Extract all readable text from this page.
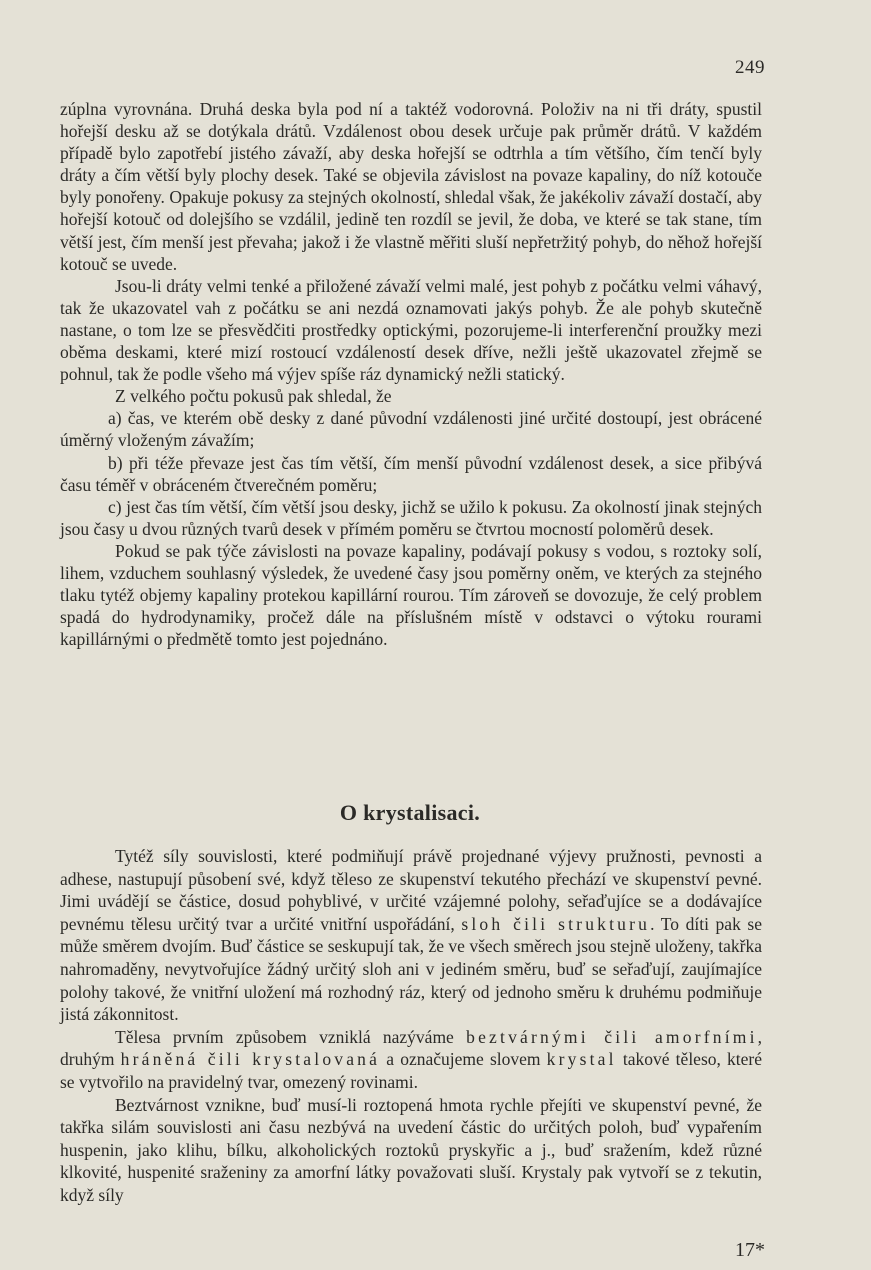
249

zúplna vyrovnána. Druhá deska byla pod ní a taktéž vodorovná. Položiv na ni tři dráty, spustil hořejší desku až se dotýkala drátů. Vzdálenost obou desek určuje pak průměr drátů. V každém případě bylo zapotřebí jistého závaží, aby deska hořejší se odtrhla a tím většího, čím tenčí byly dráty a čím větší byly plochy desek. Také se objevila závislost na povaze kapaliny, do níž kotouče byly ponořeny. Opakuje pokusy za stejných okolností, shledal však, že jakékoliv závaží dostačí, aby hořejší kotouč od dolejšího se vzdálil, jedině ten rozdíl se jevil, že doba, ve které se tak stane, tím větší jest, čím menší jest převaha; jakož i že vlastně měřiti sluší nepřetržitý pohyb, do něhož hořejší kotouč se uvede.

Jsou-li dráty velmi tenké a přiložené závaží velmi malé, jest pohyb z počátku velmi váhavý, tak že ukazovatel vah z počátku se ani nezdá oznamovati jakýs pohyb. Že ale pohyb skutečně nastane, o tom lze se přesvědčiti prostředky optickými, pozorujeme-li interferenční proužky mezi oběma deskami, které mizí rostoucí vzdáleností desek dříve, nežli ještě ukazovatel zřejmě se pohnul, tak že podle všeho má výjev spíše ráz dynamický nežli statický.

Z velkého počtu pokusů pak shledal, že

a) čas, ve kterém obě desky z dané původní vzdálenosti jiné určité dostoupí, jest obrácené úměrný vloženým závažím;

b) při téže převaze jest čas tím větší, čím menší původní vzdálenost desek, a sice přibývá času téměř v obráceném čtverečném poměru;

c) jest čas tím větší, čím větší jsou desky, jichž se užilo k pokusu. Za okolností jinak stejných jsou časy u dvou různých tvarů desek v přímém poměru se čtvrtou mocností poloměrů desek.

Pokud se pak týče závislosti na povaze kapaliny, podávají pokusy s vodou, s roztoky solí, lihem, vzduchem souhlasný výsledek, že uvedené časy jsou poměrny oněm, ve kterých za stejného tlaku tytéž objemy kapaliny protekou kapillární rourou. Tím zároveň se dovozuje, že celý problem spadá do hydrodynamiky, pročež dále na příslušném místě v odstavci o výtoku rourami kapillárnými o předmětě tomto jest pojednáno.

O krystalisaci.

Tytéž síly souvislosti, které podmiňují právě projednané výjevy pružnosti, pevnosti a adhese, nastupují působení své, když těleso ze skupenství tekutého přechází ve skupenství pevné. Jimi uvádějí se částice, dosud pohyblivé, v určité vzájemné polohy, seřaďujíce se a dodávajíce pevnému tělesu určitý tvar a určité vnitřní uspořádání, sloh čili strukturu. To díti pak se může směrem dvojím. Buď částice se seskupují tak, že ve všech směrech jsou stejně uloženy, takřka nahromaděny, nevytvořujíce žádný určitý sloh ani v jediném směru, buď se seřaďují, zaujímajíce polohy takové, že vnitřní uložení má rozhodný ráz, který od jednoho směru k druhému podmiňuje jistá zákonnitost.

Tělesa prvním způsobem vzniklá nazýváme beztvárnými čili amorfními, druhým hráněná čili krystalovaná a označujeme slovem krystal takové těleso, které se vytvořilo na pravidelný tvar, omezený rovinami.

Beztvárnost vznikne, buď musí-li roztopená hmota rychle přejíti ve skupenství pevné, že takřka silám souvislosti ani času nezbývá na uvedení částic do určitých poloh, buď vypařením huspenin, jako klihu, bílku, alkoholických roztoků pryskyřic a j., buď sražením, kdež různé klkovité, huspenité sraženiny za amorfní látky považovati sluší. Krystaly pak vytvoří se z tekutin, když síly

17*
